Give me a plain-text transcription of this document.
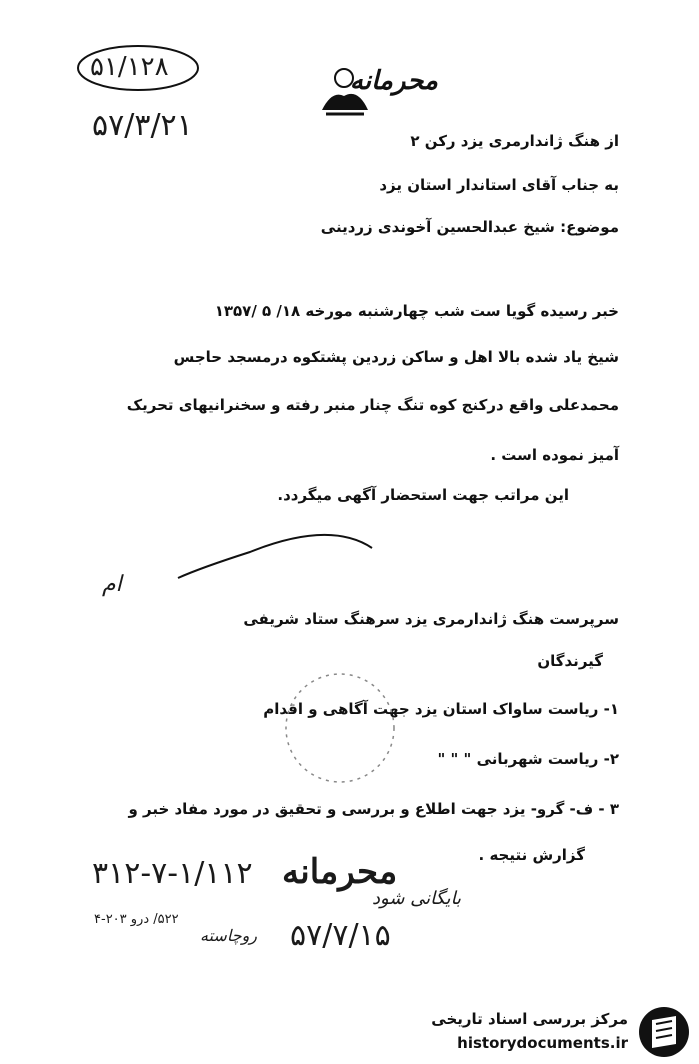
۵۱/۱۲۸
۵۷/۳/۲۱
محرمانه
از هنگ ژاندارمری یزد رکن ۲
به جناب آقای استاندار استان یزد
موضوع: شیخ عبدالحسین آخوندی زردینی
خبر رسیده گویا ست شب چهارشنبه مورخه ۱۸/ ۵ /۱۳۵۷
شیخ یاد شده بالا اهل و ساکن زردین پشتکوه درمسجد حاجس
محمدعلی واقع درکنج کوه تنگ چنار منبر رفته و سخنرانیهای تحریک
آمیز نموده است .
این مراتب جهت استحضار آگهی میگردد.
ام
سرپرست هنگ ژاندارمری یزد سرهنگ ستاد شریفی
گیرندگان
۱- ریاست ساواک استان یزد جهت آگاهی و اقدام
۲- ریاست شهربانی " " "
۳ - ف- گرو- یزد جهت اطلاع و بررسی و تحقیق در مورد مفاد خبر و
گزارش نتیجه .
محرمانه
۳۱۲-۷-۱/۱۱۲
بایگانی شود
۵۲۲/ درو ۲۰۳-۴
روچاسته ۵۷/۷/۱۵
مرکز بررسی اسناد تاریخی
historydocuments.ir
